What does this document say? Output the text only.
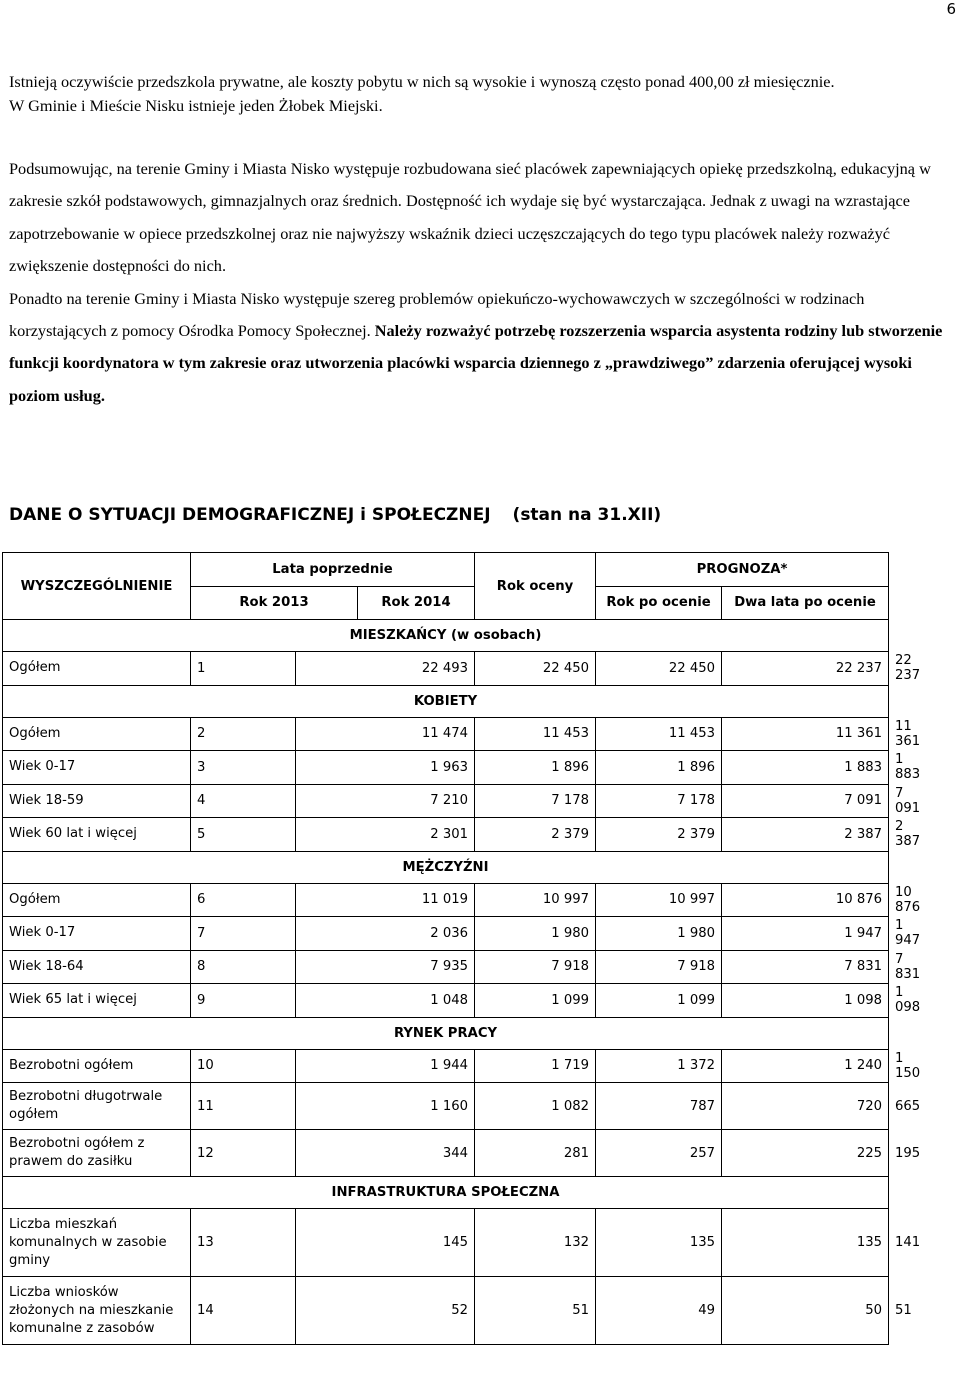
6

Istnieją oczywiście przedszkola prywatne, ale koszty pobytu w nich są wysokie i wynoszą często ponad 400,00 zł miesięcznie.

W Gminie i Mieście Nisku istnieje jeden Żłobek Miejski.

Podsumowując, na terenie Gminy i Miasta Nisko występuje rozbudowana sieć placówek zapewniających opiekę przedszkolną, edukacyjną w zakresie szkół podstawowych, gimnazjalnych oraz średnich. Dostępność ich wydaje się być wystarczająca. Jednak z uwagi na wzrastające zapotrzebowanie w opiece przedszkolnej oraz nie najwyższy wskaźnik dzieci uczęszczających do tego typu placówek należy rozważyć zwiększenie dostępności do nich.

Ponadto na terenie Gminy i Miasta Nisko występuje szereg problemów opiekuńczo-wychowawczych w szczególności w rodzinach korzystających z pomocy Ośrodka Pomocy Społecznej. Należy rozważyć potrzebę rozszerzenia wsparcia asystenta rodziny lub stworzenie funkcji koordynatora w tym zakresie oraz utworzenia placówki wsparcia dziennego z „prawdziwego” zdarzenia oferującej wysoki poziom usług.

DANE O SYTUACJI DEMOGRAFICZNEJ i SPOŁECZNEJ (stan na 31.XII)
WYSZCZEGÓLNIENIE	Lata poprzednie			Rok oceny	PROGNOZA*		
	Rok 2013		Rok 2014		Rok po ocenie	Dwa lata po ocenie	
MIESZKAŃCY (w osobach)							
Ogółem	1	22 493		22 450	22 450	22 237	22 237
KOBIETY							
Ogółem	2	11 474		11 453	11 453	11 361	11 361
Wiek 0-17	3	1 963		1 896	1 896	1 883	1 883
Wiek 18-59	4	7 210		7 178	7 178	7 091	7 091
Wiek 60 lat i więcej	5	2 301		2 379	2 379	2 387	2 387
MĘŻCZYŹNI							
Ogółem	6	11 019		10 997	10 997	10 876	10 876
Wiek 0-17	7	2 036		1 980	1 980	1 947	1 947
Wiek 18-64	8	7 935		7 918	7 918	7 831	7 831
Wiek 65 lat i więcej	9	1 048		1 099	1 099	1 098	1 098
RYNEK PRACY							
Bezrobotni ogółem	10	1 944		1 719	1 372	1 240	1 150
Bezrobotni długotrwale ogółem	11	1 160		1 082	787	720	665
Bezrobotni ogółem z prawem do zasiłku	12	344		281	257	225	195
INFRASTRUKTURA SPOŁECZNA							
Liczba mieszkań komunalnych w zasobie gminy	13	145		132	135	135	141
Liczba wniosków złożonych na mieszkanie komunalne z zasobów	14	52		51	49	50	51
